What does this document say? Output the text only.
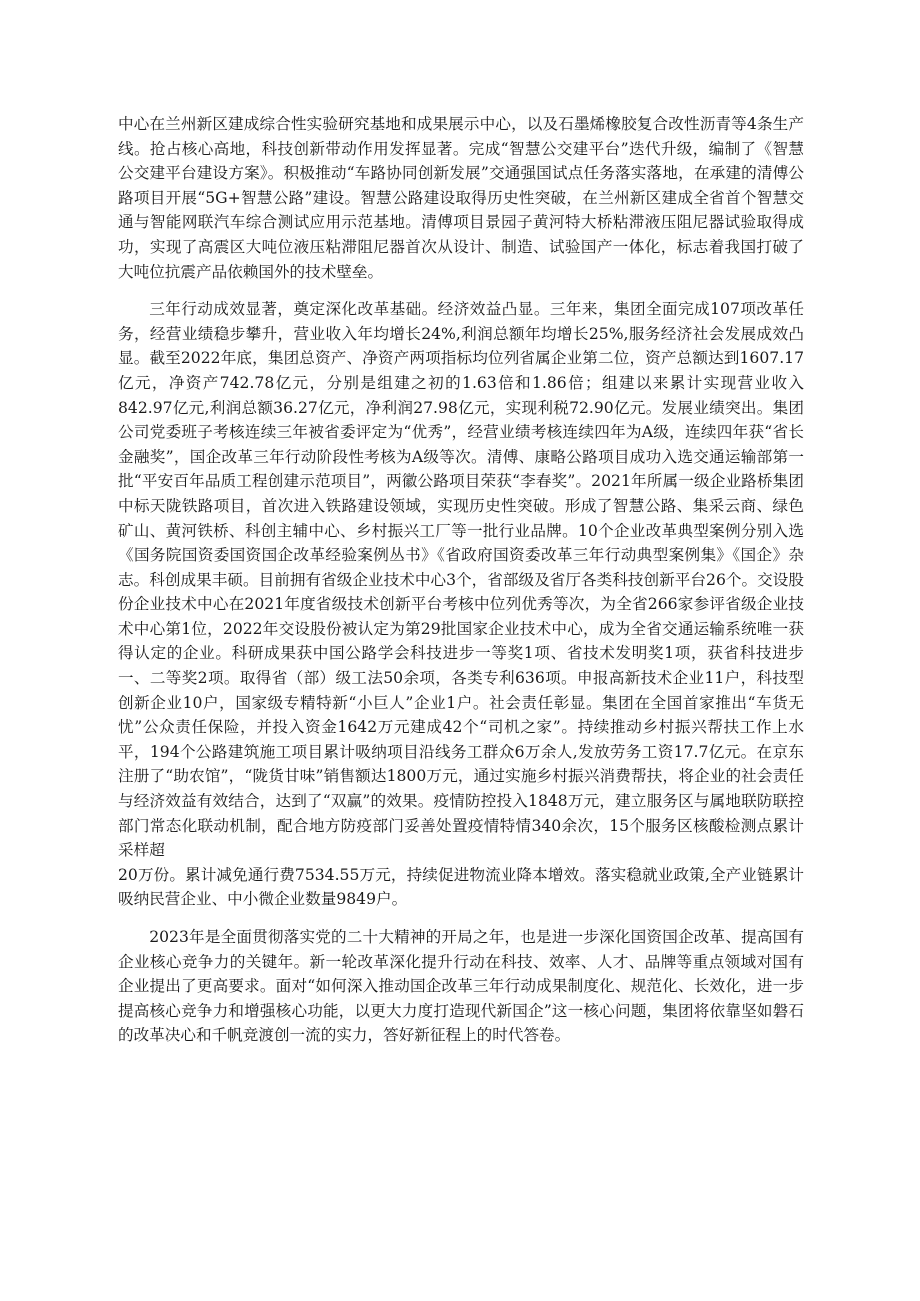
中心在兰州新区建成综合性实验研究基地和成果展示中心，以及石墨烯橡胶复合改性沥青等4条生产线。抢占核心高地，科技创新带动作用发挥显著。完成“智慧公交建平台”迭代升级，编制了《智慧公交建平台建设方案》。积极推动“车路协同创新发展”交通强国试点任务落实落地，在承建的清傅公路项目开展“5G+智慧公路”建设。智慧公路建设取得历史性突破，在兰州新区建成全省首个智慧交通与智能网联汽车综合测试应用示范基地。清傅项目景园子黄河特大桥粘滞液压阻尼器试验取得成功，实现了高震区大吨位液压粘滞阻尼器首次从设计、制造、试验国产一体化，标志着我国打破了大吨位抗震产品依赖国外的技术壁垒。

三年行动成效显著，奠定深化改革基础。经济效益凸显。三年来，集团全面完成107项改革任务，经营业绩稳步攀升，营业收入年均增长24%,利润总额年均增长25%,服务经济社会发展成效凸显。截至2022年底，集团总资产、净资产两项指标均位列省属企业第二位，资产总额达到1607.17亿元，净资产742.78亿元，分别是组建之初的1.63倍和1.86倍；组建以来累计实现营业收入842.97亿元,利润总额36.27亿元，净利润27.98亿元，实现利税72.90亿元。发展业绩突出。集团公司党委班子考核连续三年被省委评定为“优秀”，经营业绩考核连续四年为A级，连续四年获“省长金融奖”，国企改革三年行动阶段性考核为A级等次。清傅、康略公路项目成功入选交通运输部第一批“平安百年品质工程创建示范项目”，两徽公路项目荣获“李春奖”。2021年所属一级企业路桥集团中标天陇铁路项目，首次进入铁路建设领域，实现历史性突破。形成了智慧公路、集采云商、绿色矿山、黄河铁桥、科创主辅中心、乡村振兴工厂等一批行业品牌。10个企业改革典型案例分别入选《国务院国资委国资国企改革经验案例丛书》《省政府国资委改革三年行动典型案例集》《国企》杂志。科创成果丰硕。目前拥有省级企业技术中心3个，省部级及省厅各类科技创新平台26个。交设股份企业技术中心在2021年度省级技术创新平台考核中位列优秀等次，为全省266家参评省级企业技术中心第1位，2022年交设股份被认定为第29批国家企业技术中心，成为全省交通运输系统唯一获得认定的企业。科研成果获中国公路学会科技进步一等奖1项、省技术发明奖1项，获省科技进步一、二等奖2项。取得省（部）级工法50余项，各类专利636项。申报高新技术企业11户，科技型创新企业10户，国家级专精特新“小巨人”企业1户。社会责任彰显。集团在全国首家推出“车货无忧”公众责任保险，并投入资金1642万元建成42个“司机之家”。持续推动乡村振兴帮扶工作上水平，194个公路建筑施工项目累计吸纳项目沿线务工群众6万余人,发放劳务工资17.7亿元。在京东注册了“助农馆”，“陇货甘味”销售额达1800万元，通过实施乡村振兴消费帮扶，将企业的社会责任与经济效益有效结合，达到了“双赢”的效果。疫情防控投入1848万元，建立服务区与属地联防联控部门常态化联动机制，配合地方防疫部门妥善处置疫情特情340余次，15个服务区核酸检测点累计采样超

20万份。累计减免通行费7534.55万元，持续促进物流业降本增效。落实稳就业政策,全产业链累计吸纳民营企业、中小微企业数量9849户。

2023年是全面贯彻落实党的二十大精神的开局之年，也是进一步深化国资国企改革、提高国有企业核心竞争力的关键年。新一轮改革深化提升行动在科技、效率、人才、品牌等重点领域对国有企业提出了更高要求。面对“如何深入推动国企改革三年行动成果制度化、规范化、长效化，进一步提高核心竞争力和增强核心功能，以更大力度打造现代新国企”这一核心问题，集团将依靠坚如磐石的改革决心和千帆竞渡创一流的实力，答好新征程上的时代答卷。
